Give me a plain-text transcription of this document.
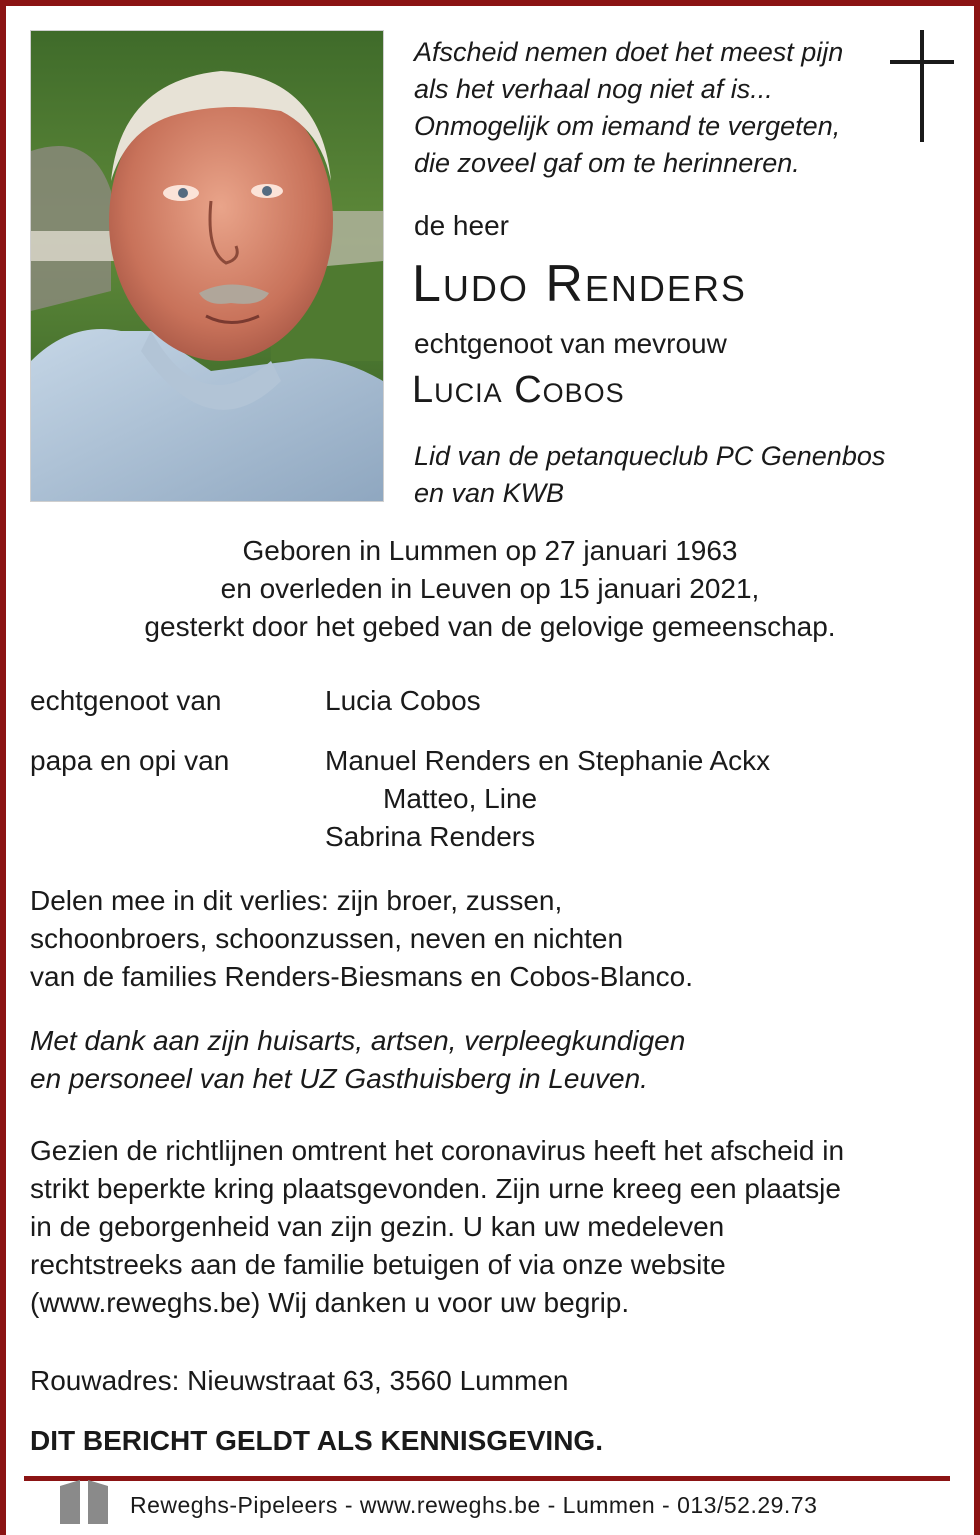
Afscheid nemen doet het meest pijn
als het verhaal nog niet af is...
Onmogelijk om iemand te vergeten,
die zoveel gaf om te herinneren.
de heer
Ludo Renders
echtgenoot van mevrouw
Lucia Cobos
Lid van de petanqueclub PC Genenbos
en van KWB
Geboren in Lummen op 27 januari 1963
en overleden in Leuven op 15 januari 2021,
gesterkt door het gebed van de gelovige gemeenschap.
echtgenoot van	Lucia Cobos
papa en opi van	Manuel Renders en Stephanie Ackx
Matteo, Line
Sabrina Renders
Delen mee in dit verlies: zijn broer, zussen,
schoonbroers, schoonzussen, neven en nichten
van de families Renders-Biesmans en Cobos-Blanco.
Met dank aan zijn huisarts, artsen, verpleegkundigen
en personeel van het UZ Gasthuisberg in Leuven.
Gezien de richtlijnen omtrent het coronavirus heeft het afscheid in
strikt beperkte kring plaatsgevonden. Zijn urne kreeg een plaatsje
in de geborgenheid van zijn gezin. U kan uw medeleven
rechtstreeks aan de familie betuigen of via onze website
(www.reweghs.be) Wij danken u voor uw begrip.
Rouwadres: Nieuwstraat 63, 3560 Lummen
DIT BERICHT GELDT ALS KENNISGEVING.
Reweghs-Pipeleers - www.reweghs.be - Lummen - 013/52.29.73
